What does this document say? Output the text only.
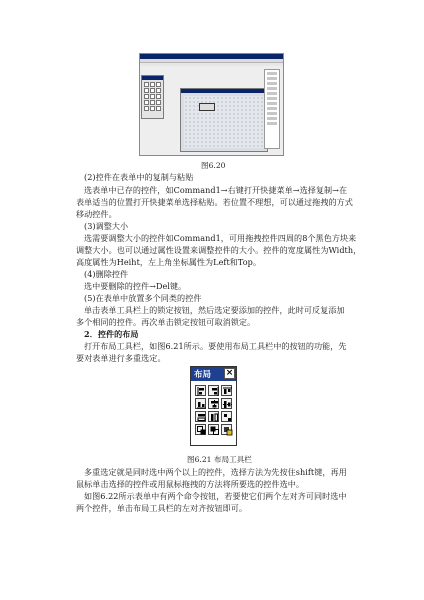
图6.20
(2)控件在表单中的复制与粘贴
选表单中已存的控件，如Command1→右键打开快捷菜单→选择复制→在
表单适当的位置打开快捷菜单选择粘贴。若位置不理想，可以通过拖拽的方式
移动控件。
(3)调整大小
选需要调整大小的控件如Command1，可用拖拽控件四周的8个黑色方块来
调整大小。也可以通过属性设置来调整控件的大小。控件的宽度属性为Width，
高度属性为Heiht，左上角坐标属性为Left和Top。
(4)删除控件
选中要删除的控件→Del键。
(5)在表单中放置多个同类的控件
单击表单工具栏上的锁定按钮，然后选定要添加的控件，此时可反复添加
多个相同的控件。再次单击锁定按钮可取消锁定。
2．控件的布局
打开布局工具栏，如图6.21所示。要使用布局工具栏中的按钮的功能，先
要对表单进行多重选定。
布局 ×
图6.21 布局工具栏
多重选定就是同时选中两个以上的控件，选择方法为先按住shift键，再用
鼠标单击选择的控件或用鼠标拖拽的方法将所要选的控件选中。
如图6.22所示表单中有两个命令按钮，若要使它们两个左对齐可同时选中
两个控件，单击布局工具栏的左对齐按钮即可。
